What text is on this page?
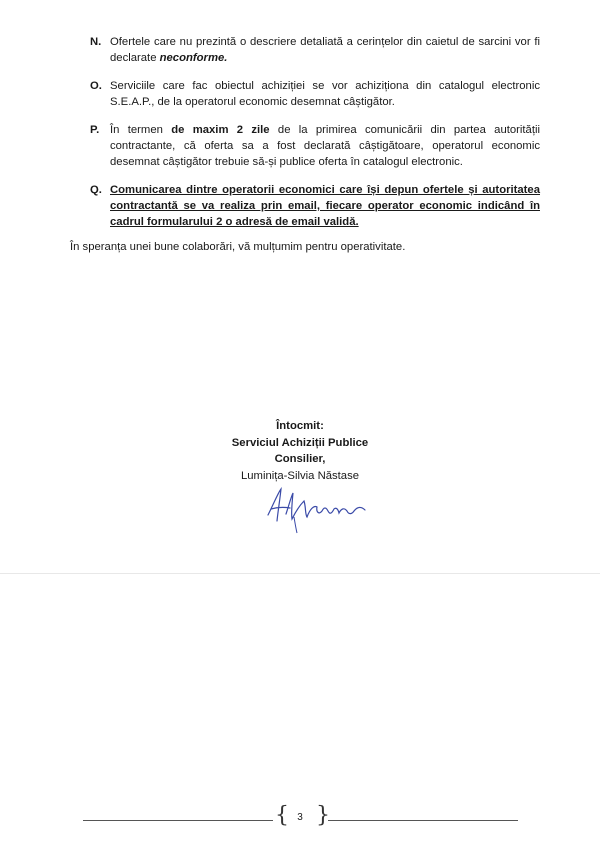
N. Ofertele care nu prezintă o descriere detaliată a cerințelor din caietul de sarcini vor fi declarate neconforme.
O. Serviciile care fac obiectul achiziției se vor achiziționa din catalogul electronic S.E.A.P., de la operatorul economic desemnat câștigător.
P. În termen de maxim 2 zile de la primirea comunicării din partea autorității contractante, că oferta sa a fost declarată câștigătoare, operatorul economic desemnat câștigător trebuie să-și publice oferta în catalogul electronic.
Q. Comunicarea dintre operatorii economici care își depun ofertele și autoritatea contractantă se va realiza prin email, fiecare operator economic indicând în cadrul formularului 2 o adresă de email validă.
În speranța unei bune colaborări, vă mulțumim pentru operativitate.
Întocmit:
Serviciul Achiziții Publice
Consilier,
Luminița-Silvia Năstase
{ 3 }
